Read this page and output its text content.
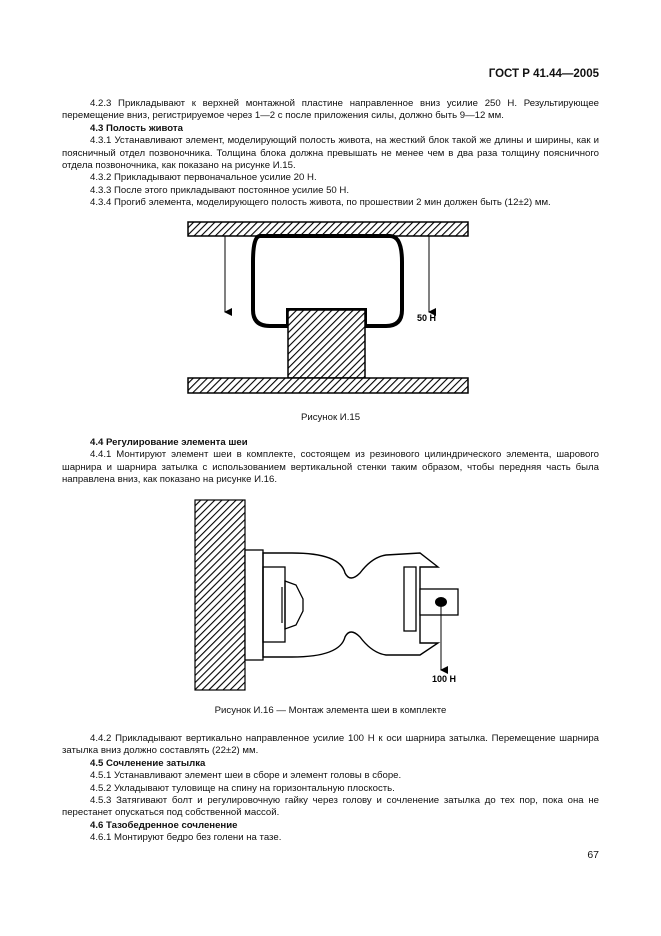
ГОСТ Р 41.44—2005

4.2.3 Прикладывают к верхней монтажной пластине направленное вниз усилие 250 Н. Результирующее перемещение вниз, регистрируемое через 1—2 с после приложения силы, должно быть 9—12 мм.

4.3 Полость живота

4.3.1 Устанавливают элемент, моделирующий полость живота, на жесткий блок такой же длины и ширины, как и поясничный отдел позвоночника. Толщина блока должна превышать не менее чем в два раза толщину поясничного отдела позвоночника, как показано на рисунке И.15.

4.3.2 Прикладывают первоначальное усилие 20 Н.

4.3.3 После этого прикладывают постоянное усилие 50 Н.

4.3.4 Прогиб элемента, моделирующего полость живота, по прошествии 2 мин должен быть (12±2) мм.

50 Н
Рисунок И.15

4.4 Регулирование элемента шеи

4.4.1 Монтируют элемент шеи в комплекте, состоящем из резинового цилиндрического элемента, шарового шарнира и шарнира затылка с использованием вертикальной стенки таким образом, чтобы передняя часть была направлена вниз, как показано на рисунке И.16.

100 Н
Рисунок И.16 — Монтаж элемента шеи в комплекте

4.4.2 Прикладывают вертикально направленное усилие 100 Н к оси шарнира затылка. Перемещение шарнира затылка вниз должно составлять (22±2) мм.

4.5 Сочленение затылка

4.5.1 Устанавливают элемент шеи в сборе и элемент головы в сборе.

4.5.2 Укладывают туловище на спину на горизонтальную плоскость.

4.5.3 Затягивают болт и регулировочную гайку через голову и сочленение затылка до тех пор, пока она не перестанет опускаться под собственной массой.

4.6 Тазобедренное сочленение

4.6.1 Монтируют бедро без голени на тазе.

67
